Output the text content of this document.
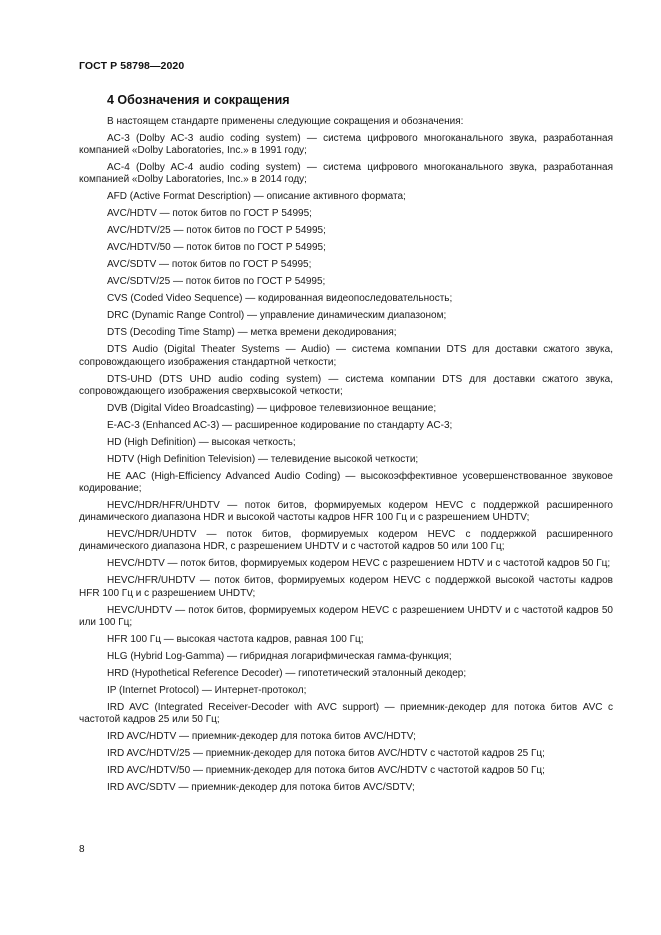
ГОСТ Р 58798—2020
4 Обозначения и сокращения

В настоящем стандарте применены следующие сокращения и обозначения:

AC-3 (Dolby AC-3 audio coding system) — система цифрового многоканального звука, разработанная компанией «Dolby Laboratories, Inc.» в 1991 году;

AC-4 (Dolby AC-4 audio coding system) — система цифрового многоканального звука, разработанная компанией «Dolby Laboratories, Inc.» в 2014 году;

AFD (Active Format Description) — описание активного формата;

AVC/HDTV — поток битов по ГОСТ Р 54995;

AVC/HDTV/25 — поток битов по ГОСТ Р 54995;

AVC/HDTV/50 — поток битов по ГОСТ Р 54995;

AVC/SDTV — поток битов по ГОСТ Р 54995;

AVC/SDTV/25 — поток битов по ГОСТ Р 54995;

CVS (Coded Video Sequence) — кодированная видеопоследовательность;

DRC (Dynamic Range Control) — управление динамическим диапазоном;

DTS (Decoding Time Stamp) — метка времени декодирования;

DTS Audio (Digital Theater Systems — Audio) — система компании DTS для доставки сжатого звука, сопровождающего изображения стандартной четкости;

DTS-UHD (DTS UHD audio coding system) — система компании DTS для доставки сжатого звука, сопровождающего изображения сверхвысокой четкости;

DVB (Digital Video Broadcasting) — цифровое телевизионное вещание;

E-AC-3 (Enhanced AC-3) — расширенное кодирование по стандарту AC-3;

HD (High Definition) — высокая четкость;

HDTV (High Definition Television) — телевидение высокой четкости;

HE AAC (High-Efficiency Advanced Audio Coding) — высокоэффективное усовершенствованное звуковое кодирование;

HEVC/HDR/HFR/UHDTV — поток битов, формируемых кодером HEVC с поддержкой расширенного динамического диапазона HDR и высокой частоты кадров HFR 100 Гц и с разрешением UHDTV;

HEVC/HDR/UHDTV — поток битов, формируемых кодером HEVC с поддержкой расширенного динамического диапазона HDR, с разрешением UHDTV и с частотой кадров 50 или 100 Гц;

HEVC/HDTV — поток битов, формируемых кодером HEVC с разрешением HDTV и с частотой кадров 50 Гц;

HEVC/HFR/UHDTV — поток битов, формируемых кодером HEVC с поддержкой высокой частоты кадров HFR 100 Гц и с разрешением UHDTV;

HEVC/UHDTV — поток битов, формируемых кодером HEVC с разрешением UHDTV и с частотой кадров 50 или 100 Гц;

HFR 100 Гц — высокая частота кадров, равная 100 Гц;

HLG (Hybrid Log-Gamma) — гибридная логарифмическая гамма-функция;

HRD (Hypothetical Reference Decoder) — гипотетический эталонный декодер;

IP (Internet Protocol) — Интернет-протокол;

IRD AVC (Integrated Receiver-Decoder with AVC support) — приемник-декодер для потока битов AVC с частотой кадров 25 или 50 Гц;

IRD AVC/HDTV — приемник-декодер для потока битов AVC/HDTV;

IRD AVC/HDTV/25 — приемник-декодер для потока битов AVC/HDTV с частотой кадров 25 Гц;

IRD AVC/HDTV/50 — приемник-декодер для потока битов AVC/HDTV с частотой кадров 50 Гц;

IRD AVC/SDTV — приемник-декодер для потока битов AVC/SDTV;

8
